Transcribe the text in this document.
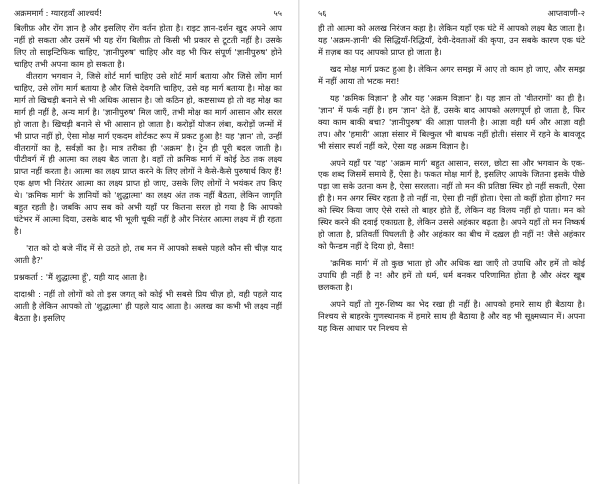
अक्रममार्ग : ग्यारहवाँ आश्चर्य!	५५

बिलीफ़ और रोंग ज्ञान है और इसलिए रोंग वर्तन होता है। राइट ज्ञान-दर्शन खुद अपने आप नहीं हो सकता और उसमें भी यह रोंग बिलीफ़ तो किसी भी प्रकार से टूटती नहीं है। उसके लिए तो साइन्टिफिक चाहिए, 'ज्ञानीपुरुष' चाहिए और वह भी फिर संपूर्ण 'ज्ञानीपुरुष' होने चाहिए तभी अपना काम हो सकता है।

वीतराग भगवान ने, जिसे शोर्ट मार्ग चाहिए उसे शोर्ट मार्ग बताया और जिसे लोंग मार्ग चाहिए, उसे लोंग मार्ग बताया है और जिसे देवगति चाहिए, उसे वह मार्ग बताया है। मोक्ष का मार्ग तो खिचड़ी बनाने से भी अधिक आसान है। जो कठिन हो, कष्टसाध्य हो तो वह मोक्ष का मार्ग ही नहीं है, अन्य मार्ग है। 'ज्ञानीपुरुष' मिल जाएँ, तभी मोक्ष का मार्ग आसान और सरल हो जाता है। खिचड़ी बनाने से भी आसान हो जाता है। करोड़ों योजन लंबा, करोड़ों जन्मों में भी प्राप्त नहीं हो, ऐसा मोक्ष मार्ग एकदम शोर्टकट रूप में प्रकट हुआ है! यह 'ज्ञान' तो, उन्हीं वीतरागों का है, सर्वज्ञों का है। मात्र तरीका ही 'अक्रम' है। ट्रेन ही पूरी बदल जाती है। पीटीवर्ग में ही आत्मा का लक्ष्य बैठ जाता है। वहाँ तो क्रमिक मार्ग में कोई ठेठ तक लक्ष्य प्राप्त नहीं करता है। आत्मा का लक्ष्य प्राप्त करने के लिए लोगों ने कैसे-कैसे पुरुषार्थ किए हैं! एक क्षण भी निरंतर आत्मा का लक्ष्य प्राप्त हो जाए, उसके लिए लोगों ने भयंकर तप किए थे। 'क्रमिक मार्ग' के ज्ञानियों को 'शुद्धात्मा' का लक्ष्य अंत तक नहीं बैठता, लेकिन जागृति बहुत रहती है। जबकि आप सब को अभी यहाँ पर कितना सरल हो गया है कि आपको घंटेभर में आत्मा दिया, उसके बाद भी भूली चूकी नहीं है और निरंतर आत्मा लक्ष्य में ही रहता है।

'रात को दो बजे नींद में से उठते हो, तब मन में आपको सबसे पहले कौन सी चीज़ याद आती है?'

प्रश्नकर्ता : 'मैं शुद्धात्मा हूँ', यही याद आता है।

दादाश्री : नहीं तो लोगों को तो इस जगत् को कोई भी सबसे प्रिय चीज़ हो, वही पहले याद आती है लेकिन आपको तो 'शुद्धात्मा' ही पहले याद आता है। अलख का कभी भी लक्ष्य नहीं बैठता है। इसलिए

५६	आप्तवाणी-२

ही तो आत्मा को अलख निरंजन कहा है। लेकिन यहाँ एक घंटे में आपको लक्ष्य बैठ जाता है। यह 'अक्रम-ज्ञानी' की सिद्धियाँ-रिद्धियाँ, देवी-देवताओं की कृपा, उन सबके कारण एक घंटे में ग़ज़ब का पद आपको प्राप्त हो जाता है।

खद मोक्ष मार्ग प्रकट हुआ है। लेकिन अगर समझ में आए तो काम हो जाए, और समझ में नहीं आया तो भटक मरा!

यह 'क्रमिक विज्ञान' है और यह 'अक्रम विज्ञान' है। यह ज्ञान तो 'वीतरागों' का ही है। 'ज्ञान' में फर्क नहीं है। हम 'ज्ञान' देते हैं, उसके बाद आपको अलगपूर्ण हो जाता है, फिर क्या काम बाकी बचा? 'ज्ञानीपुरुष' की आज्ञा पालनी है। आज्ञा वही धर्म और आज्ञा वही तप। और 'हमारी' आज्ञा संसार में बिल्कुल भी बाधक नहीं होती। संसार में रहने के बावजूद भी संसार स्पर्श नहीं करे, ऐसा यह अक्रम विज्ञान है।

अपने यहाँ पर 'यह' 'अक्रम मार्ग' बहुत आसान, सरल, छोटा सा और भगवान के एक-एक शब्द जिसमें समाये हैं, ऐसा है। फकत मोक्ष मार्ग है, इसलिए आपके जितना इसके पीछे पड़ा जा सके उतना कम है, ऐसा सरलता। नहीं तो मन की प्रतिष्ठा स्थिर हो नहीं सकती, ऐसा ही है। मन अगर स्थिर रहता है तो नहीं ना, ऐसा ही नहीं होता। ऐसा तो कहीं होता होगा? मन को स्थिर किया जाए ऐसे रास्ते तो बाहर होते हैं, लेकिन वह विलय नहीं हो पाता। मन को स्थिर करने की दवाई एकाग्रता है, लेकिन उससे अहंकार बढ़ता है। अपने यहाँ तो मन निष्कर्ष हो जाता है, प्रतिवर्ती पिघलती है और अहंकार का बीच में दख़ल ही नहीं न! जैसे अहंकार को फैन्डम नहीं दे दिया हो, वैसा!

'क्रमिक मार्ग' में तो कुछ भाता हो और अधिक खा जाएँ तो उपाधि और हमें तो कोई उपाधि ही नहीं है न! और हमें तो धर्म, धर्म बनकर परिणामित होता है और अंदर खूब छलकता है।

अपने यहाँ तो गुरु-शिष्य का भेद रखा ही नहीं है। आपको हमारे साथ ही बैठाया है। निश्चय से बाहरके गुणस्थानक में हमारे साथ ही बैठाया है और वह भी सूक्ष्मध्यान में। अपना यह किस आधार पर निश्चय से
